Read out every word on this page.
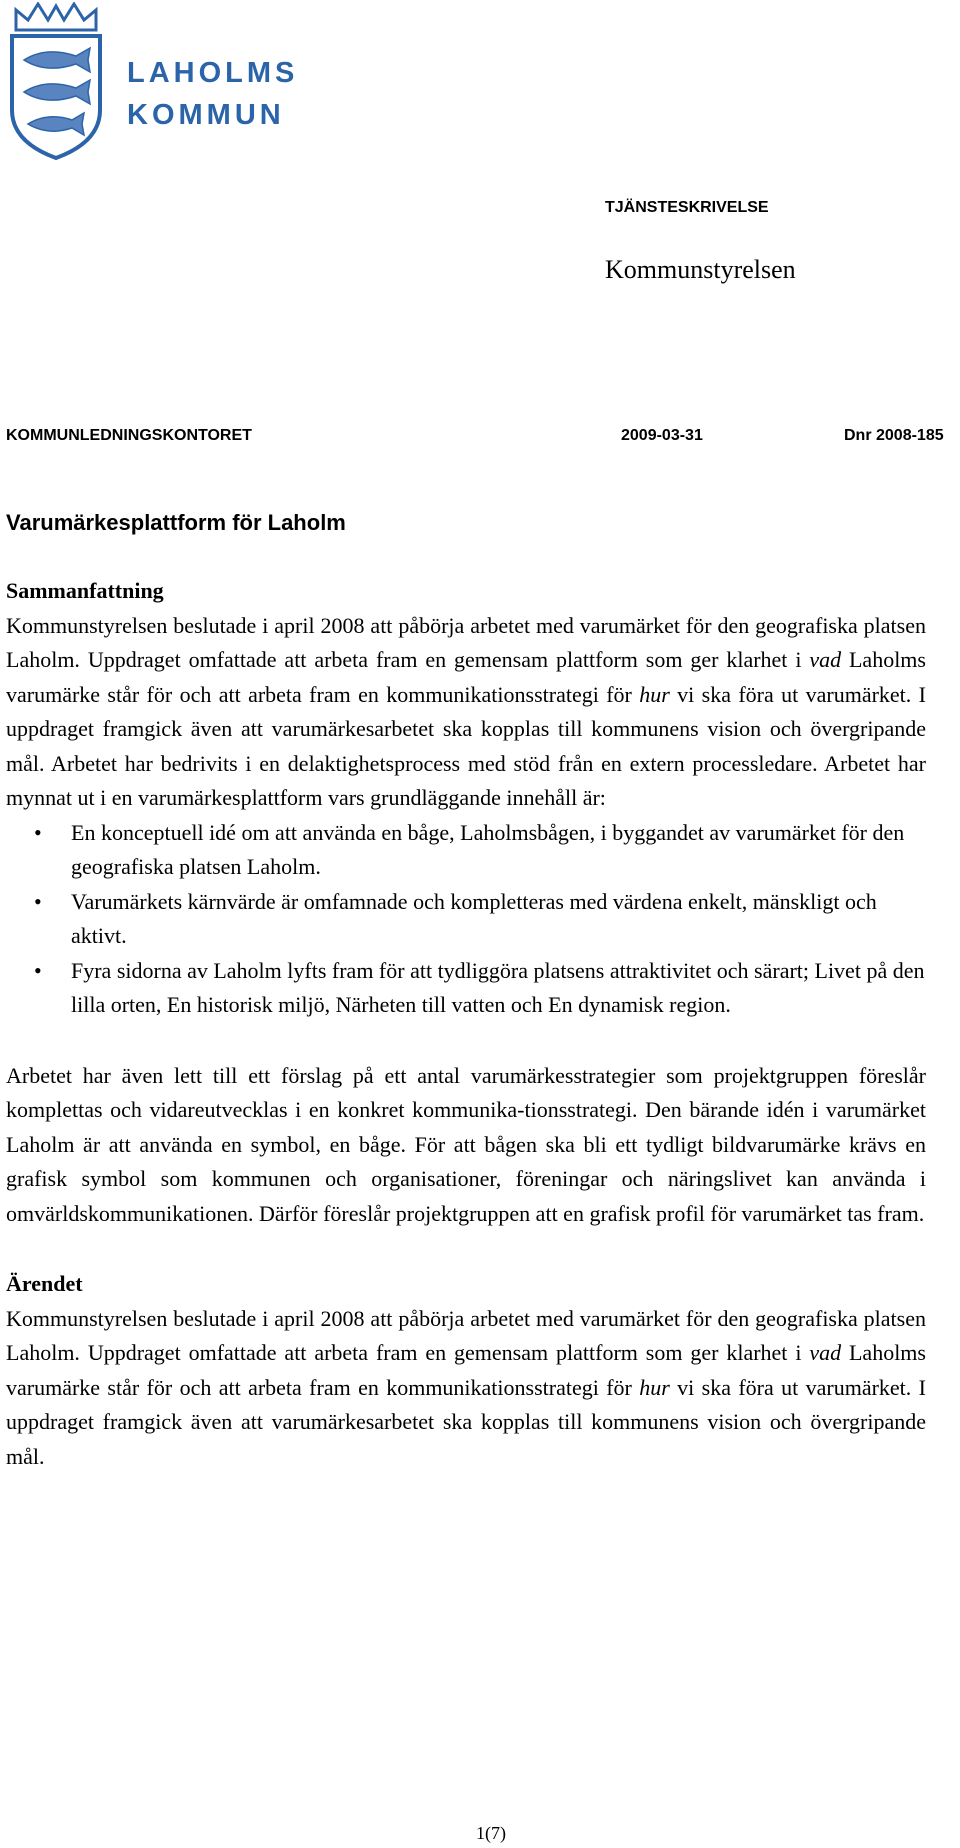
LAHOLMS
KOMMUN
TJÄNSTESKRIVELSE
Kommunstyrelsen
KOMMUNLEDNINGSKONTORET	2009-03-31	Dnr 2008-185
Varumärkesplattform för Laholm
Sammanfattning

Kommunstyrelsen beslutade i april 2008 att påbörja arbetet med varumärket för den geografiska platsen Laholm. Uppdraget omfattade att arbeta fram en gemensam plattform som ger klarhet i vad Laholms varumärke står för och att arbeta fram en kommunikationsstrategi för hur vi ska föra ut varumärket. I uppdraget framgick även att varumärkesarbetet ska kopplas till kommunens vision och övergripande mål. Arbetet har bedrivits i en delaktighetsprocess med stöd från en extern processledare. Arbetet har mynnat ut i en varumärkesplattform vars grundläggande innehåll är:

• En konceptuell idé om att använda en båge, Laholmsbågen, i byggandet av varumärket för den geografiska platsen Laholm.
• Varumärkets kärnvärde är omfamnade och kompletteras med värdena enkelt, mänskligt och aktivt.
• Fyra sidorna av Laholm lyfts fram för att tydliggöra platsens attraktivitet och särart; Livet på den lilla orten, En historisk miljö, Närheten till vatten och En dynamisk region.

Arbetet har även lett till ett förslag på ett antal varumärkesstrategier som projektgruppen föreslår komplettas och vidareutvecklas i en konkret kommunika-tionsstrategi. Den bärande idén i varumärket Laholm är att använda en symbol, en båge. För att bågen ska bli ett tydligt bildvarumärke krävs en grafisk symbol som kommunen och organisationer, föreningar och näringslivet kan använda i omvärldskommunikationen. Därför föreslår projektgruppen att en grafisk profil för varumärket tas fram.

Ärendet

Kommunstyrelsen beslutade i april 2008 att påbörja arbetet med varumärket för den geografiska platsen Laholm. Uppdraget omfattade att arbeta fram en gemensam plattform som ger klarhet i vad Laholms varumärke står för och att arbeta fram en kommunikationsstrategi för hur vi ska föra ut varumärket. I uppdraget framgick även att varumärkesarbetet ska kopplas till kommunens vision och övergripande mål.

1(7)
